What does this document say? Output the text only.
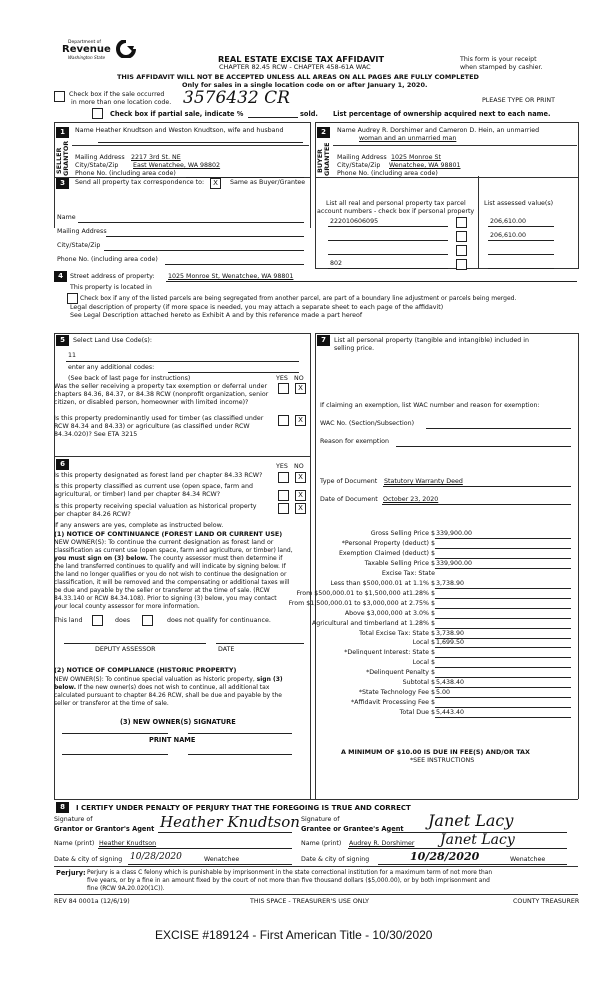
Department of
Revenue
Washington State	REAL ESTATE EXCISE TAX AFFIDAVIT
CHAPTER 82.45 RCW - CHAPTER 458-61A WAC
This form is your receipt
when stamped by cashier.
THIS AFFIDAVIT WILL NOT BE ACCEPTED UNLESS ALL AREAS ON ALL PAGES ARE FULLY COMPLETED
Only for sales in a single location code on or after January 1, 2020.
Check box if the sale occurred
in more than one location code. 3576432 CR	PLEASE TYPE OR PRINT
Check box if partial sale, indicate %	sold. List percentage of ownership acquired next to each name.
1
SELLER GRANTOR
Name Heather Knudtson and Weston Knudtson, wife and husband
Mailing Address 2217 3rd St. NE
City/State/Zip East Wenatchee, WA 98802
Phone No. (including area code)
2
BUYER GRANTEE
Name Audrey R. Dorshimer and Cameron D. Hein, an unmarried
woman and an unmarried man
Mailing Address 1025 Monroe St
City/State/Zip Wenatchee, WA 98801
Phone No. (including area code)
3	Send all property tax correspondence to:	X	Same as Buyer/Grantee
Name
Mailing Address
City/State/Zip
Phone No. (including area code)
List all real and personal property tax parcel
account numbers - check box if personal property
List assessed value(s)
222010606095	206,610.00
206,610.00
802
4	Street address of property: 1025 Monroe St, Wenatchee, WA 98801
This property is located in
Check box if any of the listed parcels are being segregated from another parcel, are part of a boundary line adjustment or parcels being merged.
Legal description of property (if more space is needed, you may attach a separate sheet to each page of the affidavit)
See Legal Description attached hereto as Exhibit A and by this reference made a part hereof
5	Select Land Use Code(s):
11
enter any additional codes:
(See back of last page for instructions)	YES NO
Was the seller receiving a property tax exemption or deferral under
chapters 84.36, 84.37, or 84.38 RCW (nonprofit organization, senior
citizen, or disabled person, homeowner with limited income)?
X
Is this property predominantly used for timber (as classified under
RCW 84.34 and 84.33) or agriculture (as classified under RCW
84.34.020)? See ETA 3215
X
6	YES NO
Is this property designated as forest land per chapter 84.33 RCW?	X
Is this property classified as current use (open space, farm and
agricultural, or timber) land per chapter 84.34 RCW?	X
Is this property receiving special valuation as historical property
per chapter 84.26 RCW?
X
If any answers are yes, complete as instructed below.
(1) NOTICE OF CONTINUANCE (FOREST LAND OR CURRENT USE)
NEW OWNER(S): To continue the current designation as forest land or
classification as current use (open space, farm and agriculture, or timber) land,
you must sign on (3) below. The county assessor must then determine if
the land transferred continues to qualify and will indicate by signing below. If
the land no longer qualifies or you do not wish to continue the designation or
classification, it will be removed and the compensating or additional taxes will
be due and payable by the seller or transferor at the time of sale. (RCW
84.33.140 or RCW 84.34.108). Prior to signing (3) below, you may contact
your local county assessor for more information.
This land	does	does not qualify for continuance.
DEPUTY ASSESSOR	DATE
(2) NOTICE OF COMPLIANCE (HISTORIC PROPERTY)
NEW OWNER(S): To continue special valuation as historic property, sign (3)
below. If the new owner(s) does not wish to continue, all additional tax
calculated pursuant to chapter 84.26 RCW, shall be due and payable by the
seller or transferor at the time of sale.
(3) NEW OWNER(S) SIGNATURE
PRINT NAME
7	List all personal property (tangible and intangible) included in
selling price.
If claiming an exemption, list WAC number and reason for exemption:
WAC No. (Section/Subsection)
Reason for exemption
Type of Document Statutory Warranty Deed
Date of Document October 23, 2020
Gross Selling Price $ 339,900.00
*Personal Property (deduct) $
Exemption Claimed (deduct) $
Taxable Selling Price $ 339,900.00
Excise Tax: State
Less than $500,000.01 at 1.1% $ 3,738.90
From $500,000.01 to $1,500,000 at1.28% $
From $1,500,000.01 to $3,000,000 at 2.75% $
Above $3,000,000 at 3.0% $
Agricultural and timberland at 1.28% $
Total Excise Tax: State $ 3,738.90
Local $ 1,699.50
*Delinquent Interest: State $
Local $
*Delinquent Penalty $
Subtotal $ 5,438.40
*State Technology Fee $ 5.00
*Affidavit Processing Fee $
Total Due $ 5,443.40
A MINIMUM OF $10.00 IS DUE IN FEE(S) AND/OR TAX
*SEE INSTRUCTIONS
8	I CERTIFY UNDER PENALTY OF PERJURY THAT THE FOREGOING IS TRUE AND CORRECT
Signature of
Grantor or Grantor's Agent Heather Knudtson
Name (print) Heather Knudtson
Date & city of signing 10/28/2020	Wenatchee
Signature of
Grantee or Grantee's Agent Janet Lacy
Name (print) Audrey R. Dorshimer Janet Lacy
Date & city of signing	10/28/2020	Wenatchee
Perjury: Perjury is a class C felony which is punishable by imprisonment in the state correctional institution for a maximum term of not more than
five years, or by a fine in an amount fixed by the court of not more than five thousand dollars ($5,000.00), or by both imprisonment and
fine (RCW 9A.20.020(1C)).
REV 84 0001a (12/6/19)	THIS SPACE - TREASURER'S USE ONLY	COUNTY TREASURER
EXCISE #189124 - First American Title - 10/30/2020
